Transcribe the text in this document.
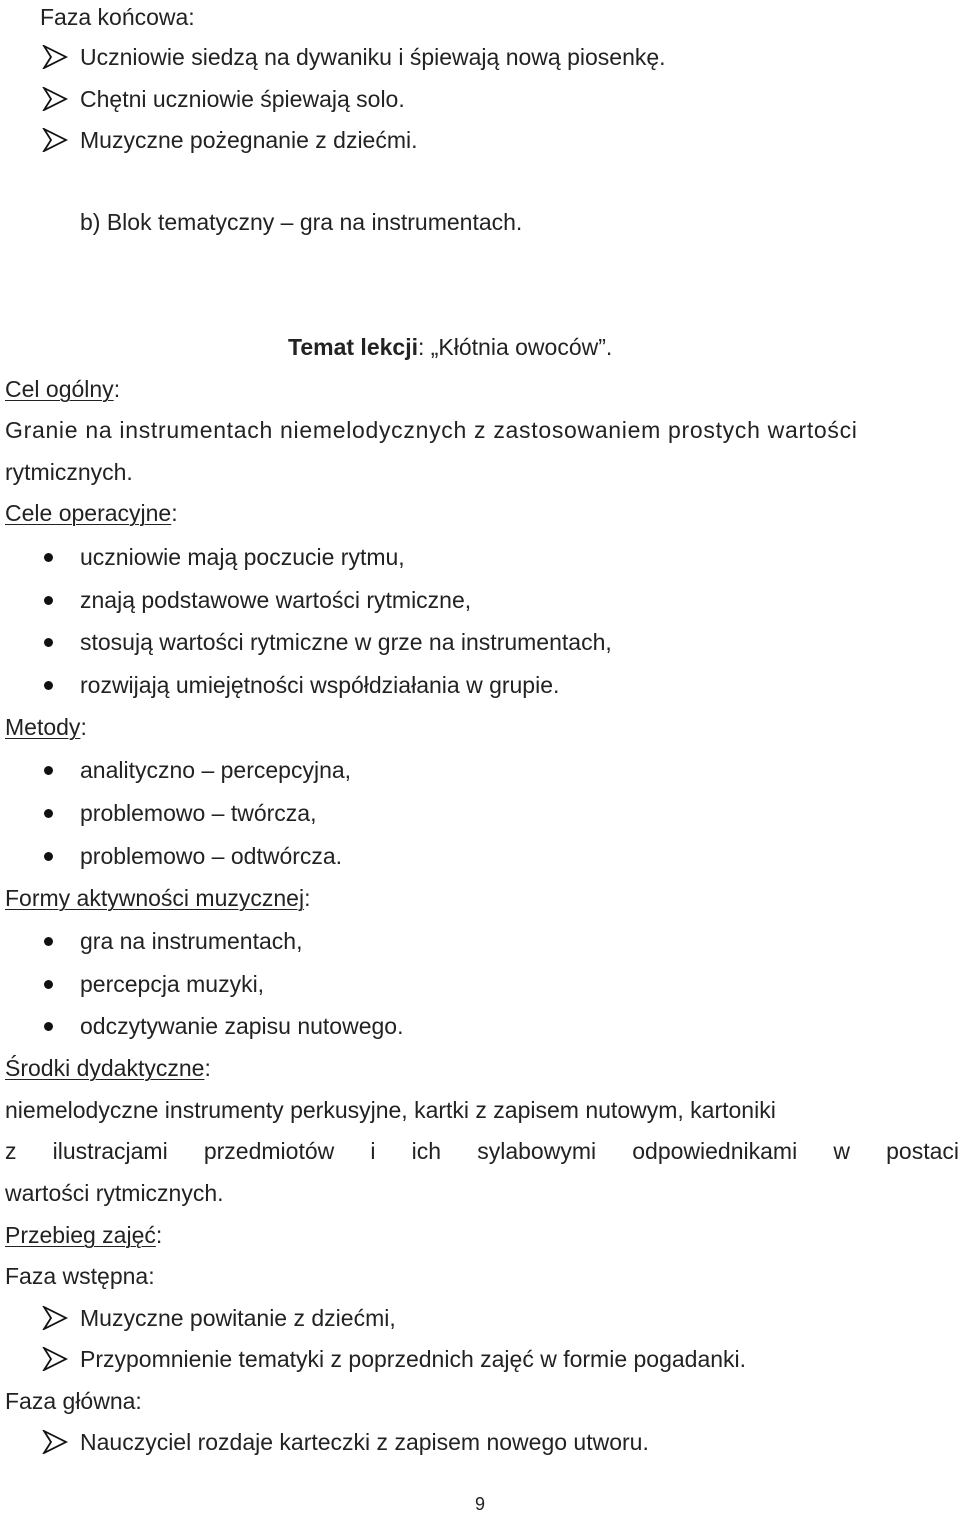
Faza końcowa:
Uczniowie siedzą na dywaniku i śpiewają nową piosenkę.
Chętni uczniowie śpiewają solo.
Muzyczne pożegnanie z dziećmi.
b) Blok tematyczny – gra na instrumentach.
Temat lekcji: „Kłótnia owoców”.
Cel ogólny:
Granie na instrumentach niemelodycznych z zastosowaniem prostych wartości
rytmicznych.
Cele operacyjne:
uczniowie mają poczucie rytmu,
znają podstawowe wartości rytmiczne,
stosują wartości rytmiczne w grze na instrumentach,
rozwijają umiejętności współdziałania w grupie.
Metody:
analityczno – percepcyjna,
problemowo – twórcza,
problemowo – odtwórcza.
Formy aktywności muzycznej:
gra na instrumentach,
percepcja muzyki,
odczytywanie zapisu nutowego.
Środki dydaktyczne:
niemelodyczne instrumenty perkusyjne, kartki z zapisem nutowym, kartoniki
z ilustracjami przedmiotów i ich sylabowymi odpowiednikami w postaci
wartości rytmicznych.
Przebieg zajęć:
Faza wstępna:
Muzyczne powitanie z dziećmi,
Przypomnienie tematyki z poprzednich zajęć w formie pogadanki.
Faza główna:
Nauczyciel rozdaje karteczki z zapisem nowego utworu.
9
